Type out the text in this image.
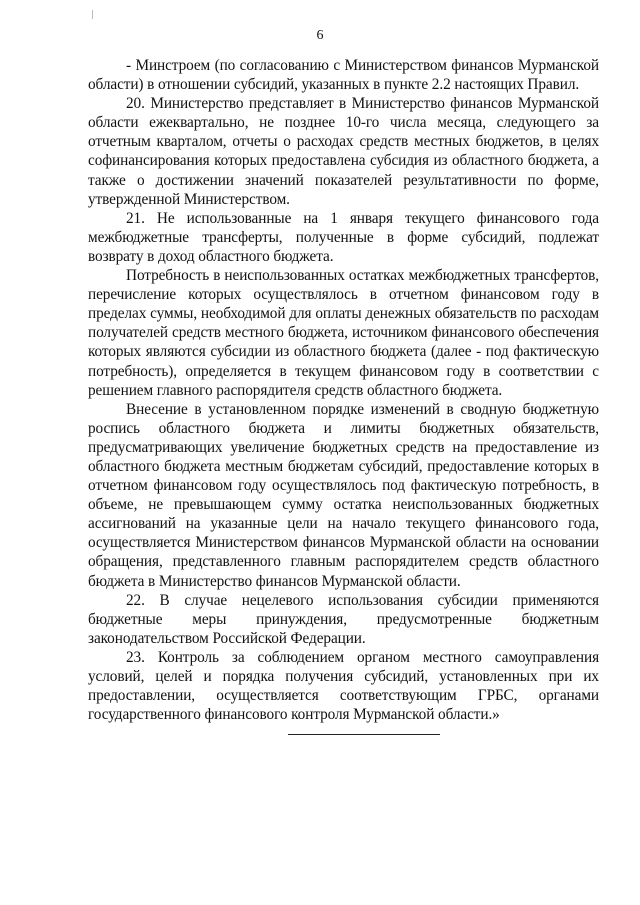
6

- Минстроем (по согласованию с Министерством финансов Мурманской области) в отношении субсидий, указанных в пункте 2.2 настоящих Правил.

20. Министерство представляет в Министерство финансов Мурманской области ежеквартально, не позднее 10-го числа месяца, следующего за отчетным кварталом, отчеты о расходах средств местных бюджетов, в целях софинансирования которых предоставлена субсидия из областного бюджета, а также о достижении значений показателей результативности по форме, утвержденной Министерством.

21. Не использованные на 1 января текущего финансового года межбюджетные трансферты, полученные в форме субсидий, подлежат возврату в доход областного бюджета.

Потребность в неиспользованных остатках межбюджетных трансфертов, перечисление которых осуществлялось в отчетном финансовом году в пределах суммы, необходимой для оплаты денежных обязательств по расходам получателей средств местного бюджета, источником финансового обеспечения которых являются субсидии из областного бюджета (далее - под фактическую потребность), определяется в текущем финансовом году в соответствии с решением главного распорядителя средств областного бюджета.

Внесение в установленном порядке изменений в сводную бюджетную роспись областного бюджета и лимиты бюджетных обязательств, предусматривающих увеличение бюджетных средств на предоставление из областного бюджета местным бюджетам субсидий, предоставление которых в отчетном финансовом году осуществлялось под фактическую потребность, в объеме, не превышающем сумму остатка неиспользованных бюджетных ассигнований на указанные цели на начало текущего финансового года, осуществляется Министерством финансов Мурманской области на основании обращения, представленного главным распорядителем средств областного бюджета в Министерство финансов Мурманской области.

22. В случае нецелевого использования субсидии применяются бюджетные меры принуждения, предусмотренные бюджетным законодательством Российской Федерации.

23. Контроль за соблюдением органом местного самоуправления условий, целей и порядка получения субсидий, установленных при их предоставлении, осуществляется соответствующим ГРБС, органами государственного финансового контроля Мурманской области.»
